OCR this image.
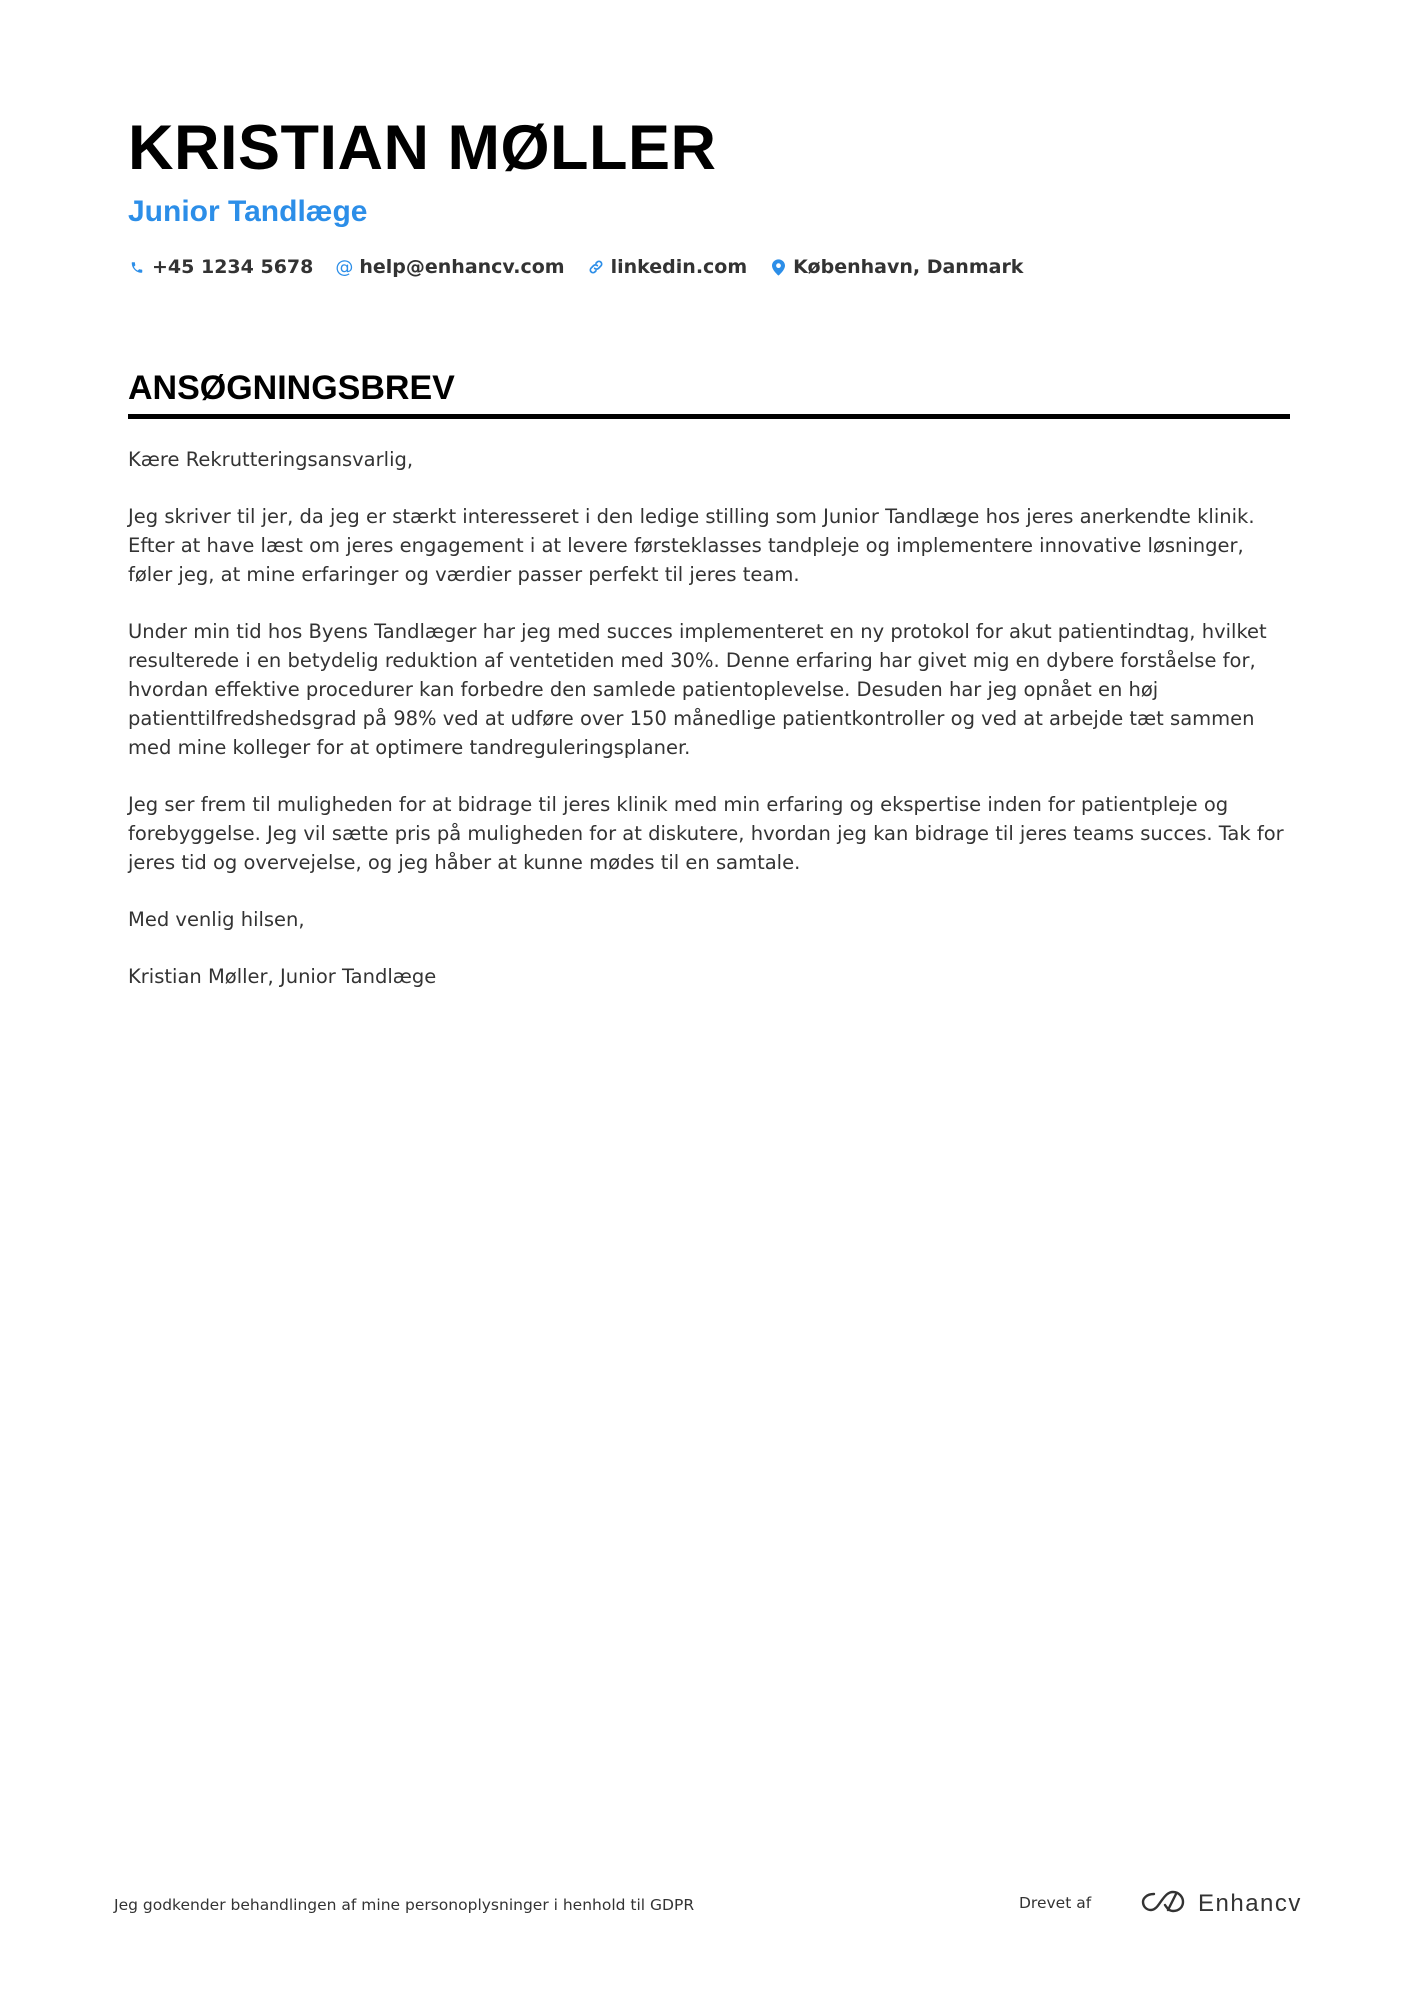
KRISTIAN MØLLER
Junior Tandlæge
+45 1234 5678 @ help@enhancv.com linkedin.com København, Danmark
ANSØGNINGSBREV

Kære Rekrutteringsansvarlig,

Jeg skriver til jer, da jeg er stærkt interesseret i den ledige stilling som Junior Tandlæge hos jeres anerkendte klinik. Efter at have læst om jeres engagement i at levere førsteklasses tandpleje og implementere innovative løsninger, føler jeg, at mine erfaringer og værdier passer perfekt til jeres team.

Under min tid hos Byens Tandlæger har jeg med succes implementeret en ny protokol for akut patientindtag, hvilket resulterede i en betydelig reduktion af ventetiden med 30%. Denne erfaring har givet mig en dybere forståelse for, hvordan effektive procedurer kan forbedre den samlede patientoplevelse. Desuden har jeg opnået en høj patienttilfredshedsgrad på 98% ved at udføre over 150 månedlige patientkontroller og ved at arbejde tæt sammen med mine kolleger for at optimere tandreguleringsplaner.

Jeg ser frem til muligheden for at bidrage til jeres klinik med min erfaring og ekspertise inden for patientpleje og forebyggelse. Jeg vil sætte pris på muligheden for at diskutere, hvordan jeg kan bidrage til jeres teams succes. Tak for jeres tid og overvejelse, og jeg håber at kunne mødes til en samtale.

Med venlig hilsen,

Kristian Møller, Junior Tandlæge

Jeg godkender behandlingen af mine personoplysninger i henhold til GDPR	Drevet af	Enhancv
